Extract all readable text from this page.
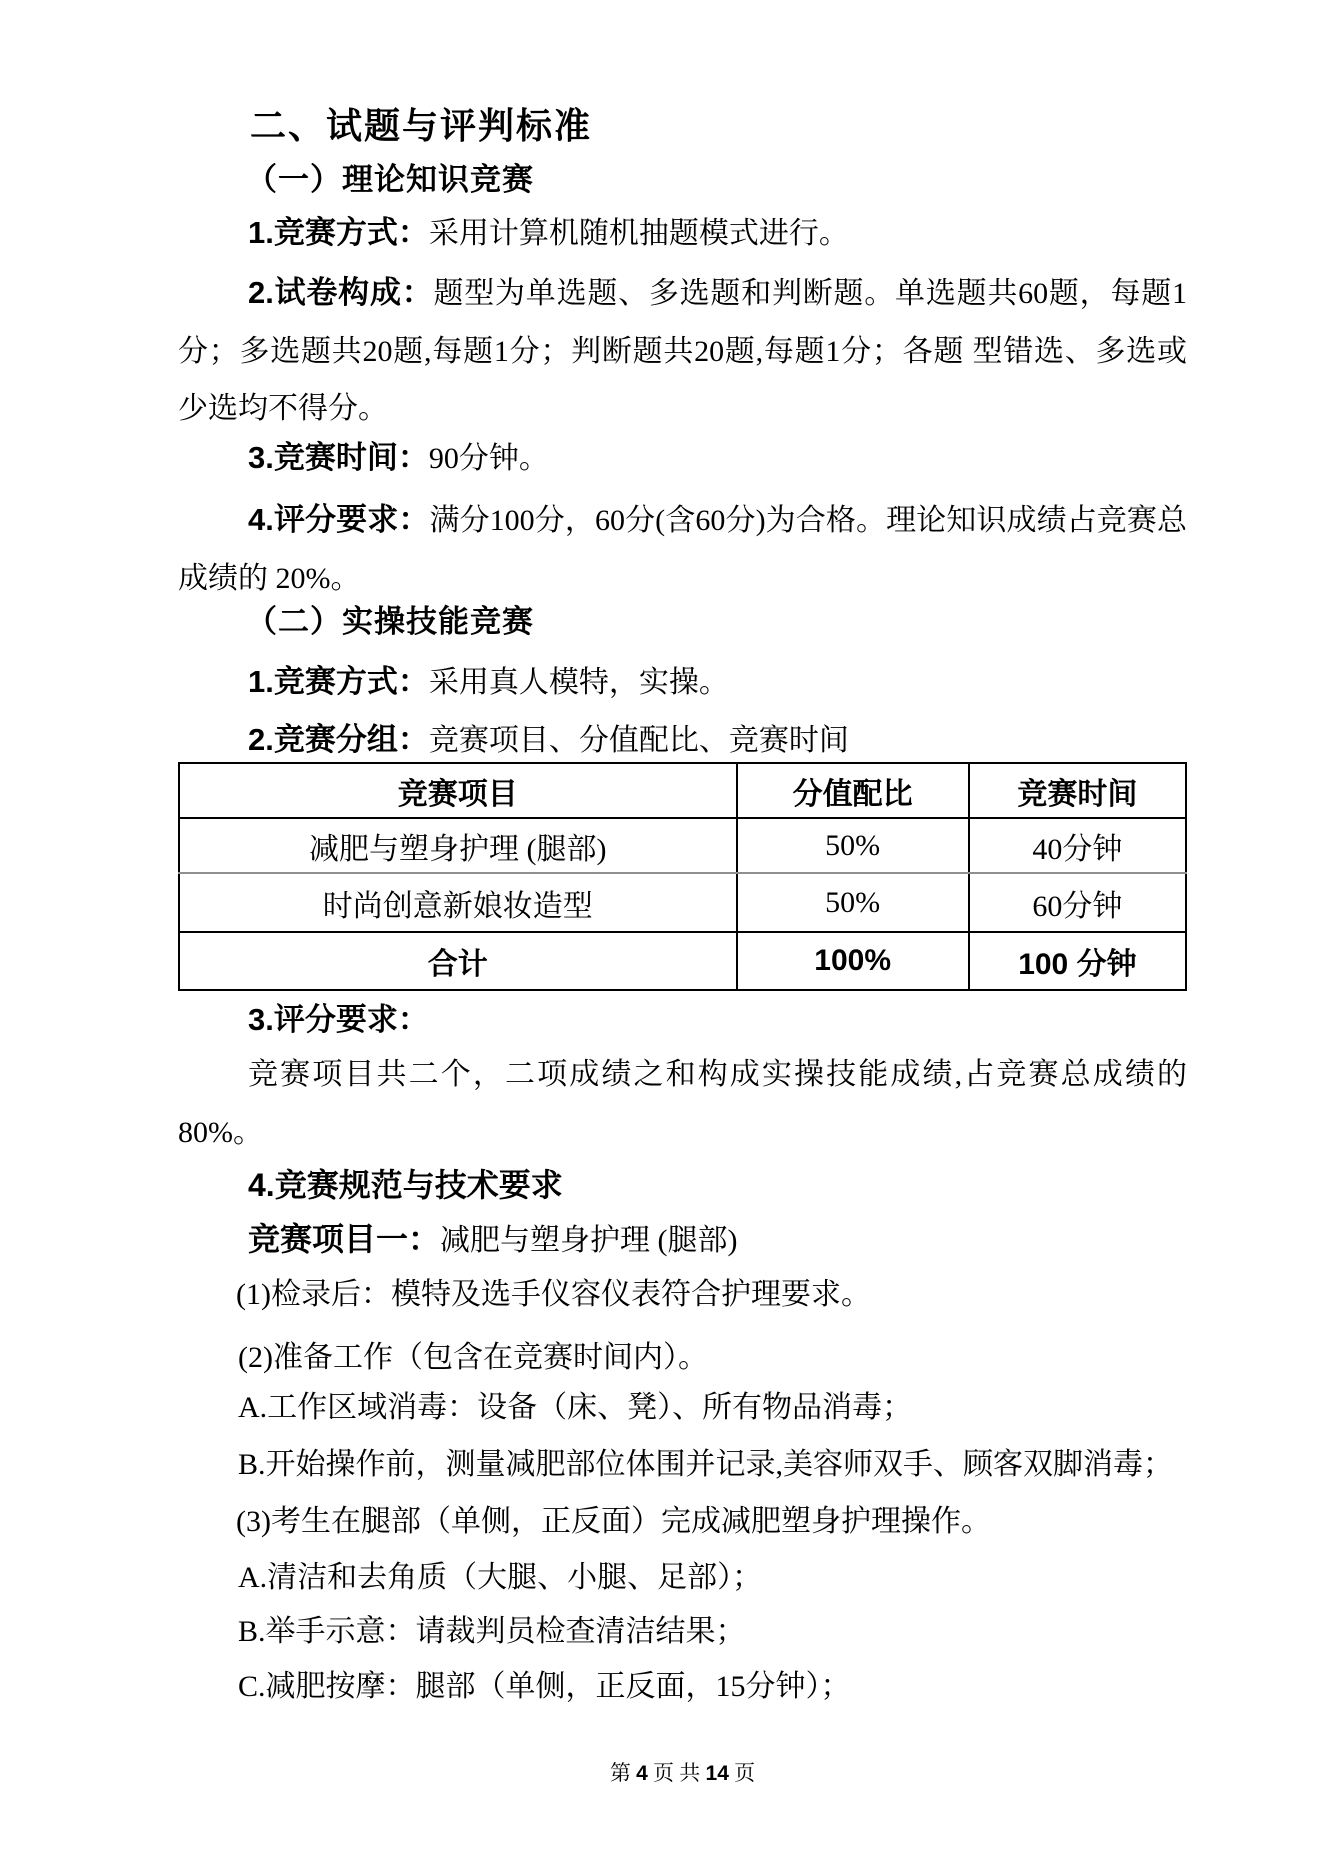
二、试题与评判标准
（一）理论知识竞赛

1.竞赛方式：采用计算机随机抽题模式进行。

2.试卷构成：题型为单选题、多选题和判断题。单选题共60题，每题1分；多选题共20题,每题1分；判断题共20题,每题1分；各题 型错选、多选或少选均不得分。

3.竞赛时间：90分钟。

4.评分要求：满分100分，60分(含60分)为合格。理论知识成绩占竞赛总成绩的 20%。

（二）实操技能竞赛

1.竞赛方式：采用真人模特，实操。

2.竞赛分组：竞赛项目、分值配比、竞赛时间

竞赛项目	分值配比	竞赛时间
减肥与塑身护理 (腿部)	50%	40分钟
时尚创意新娘妆造型	50%	60分钟
合计	100%	100 分钟

3.评分要求：

竞赛项目共二个，二项成绩之和构成实操技能成绩,占竞赛总成绩的 80%。

4.竞赛规范与技术要求

竞赛项目一：减肥与塑身护理 (腿部)

(1)检录后：模特及选手仪容仪表符合护理要求。

(2)准备工作（包含在竞赛时间内）。

A.工作区域消毒：设备（床、凳）、所有物品消毒；

B.开始操作前，测量减肥部位体围并记录,美容师双手、顾客双脚消毒；

(3)考生在腿部（单侧，正反面）完成减肥塑身护理操作。

A.清洁和去角质（大腿、小腿、足部）；

B.举手示意：请裁判员检查清洁结果；

C.减肥按摩：腿部（单侧，正反面，15分钟）；

第 4 页 共 14 页
